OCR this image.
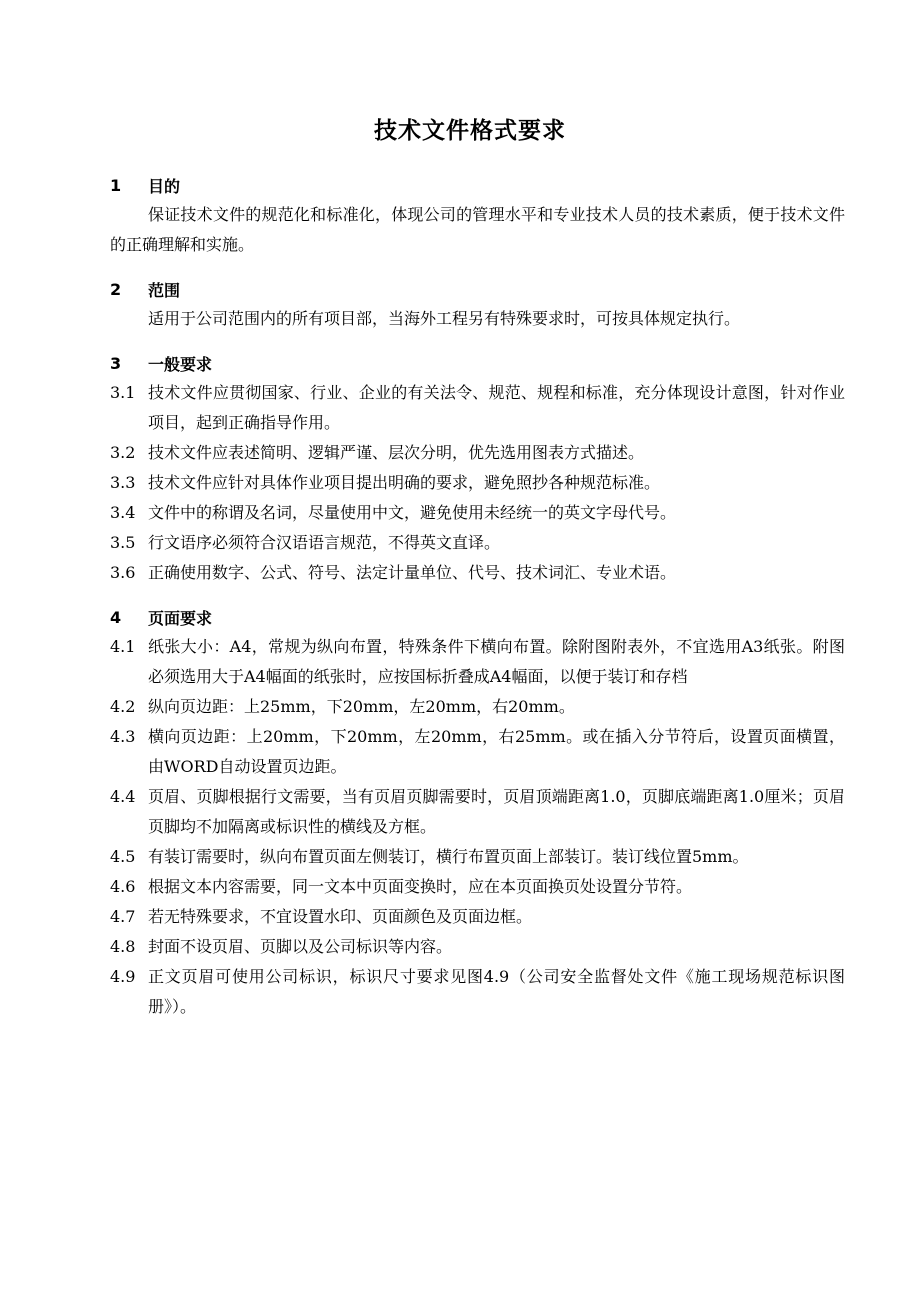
技术文件格式要求
1	目的
保证技术文件的规范化和标准化，体现公司的管理水平和专业技术人员的技术素质，便于技术文件的正确理解和实施。
2	范围
适用于公司范围内的所有项目部，当海外工程另有特殊要求时，可按具体规定执行。
3	一般要求
3.1 技术文件应贯彻国家、行业、企业的有关法令、规范、规程和标准，充分体现设计意图，针对作业项目，起到正确指导作用。
3.2 技术文件应表述简明、逻辑严谨、层次分明，优先选用图表方式描述。
3.3 技术文件应针对具体作业项目提出明确的要求，避免照抄各种规范标准。
3.4 文件中的称谓及名词，尽量使用中文，避免使用未经统一的英文字母代号。
3.5 行文语序必须符合汉语语言规范，不得英文直译。
3.6 正确使用数字、公式、符号、法定计量单位、代号、技术词汇、专业术语。
4	页面要求
4.1 纸张大小：A4，常规为纵向布置，特殊条件下横向布置。除附图附表外，不宜选用A3纸张。附图必须选用大于A4幅面的纸张时，应按国标折叠成A4幅面，以便于装订和存档
4.2 纵向页边距：上25mm，下20mm，左20mm，右20mm。
4.3 横向页边距：上20mm，下20mm，左20mm，右25mm。或在插入分节符后，设置页面横置，由WORD自动设置页边距。
4.4 页眉、页脚根据行文需要，当有页眉页脚需要时，页眉顶端距离1.0，页脚底端距离1.0厘米；页眉页脚均不加隔离或标识性的横线及方框。
4.5 有装订需要时，纵向布置页面左侧装订，横行布置页面上部装订。装订线位置5mm。
4.6 根据文本内容需要，同一文本中页面变换时，应在本页面换页处设置分节符。
4.7 若无特殊要求，不宜设置水印、页面颜色及页面边框。
4.8 封面不设页眉、页脚以及公司标识等内容。
4.9 正文页眉可使用公司标识，标识尺寸要求见图4.9（公司安全监督处文件《施工现场规范标识图册》）。
